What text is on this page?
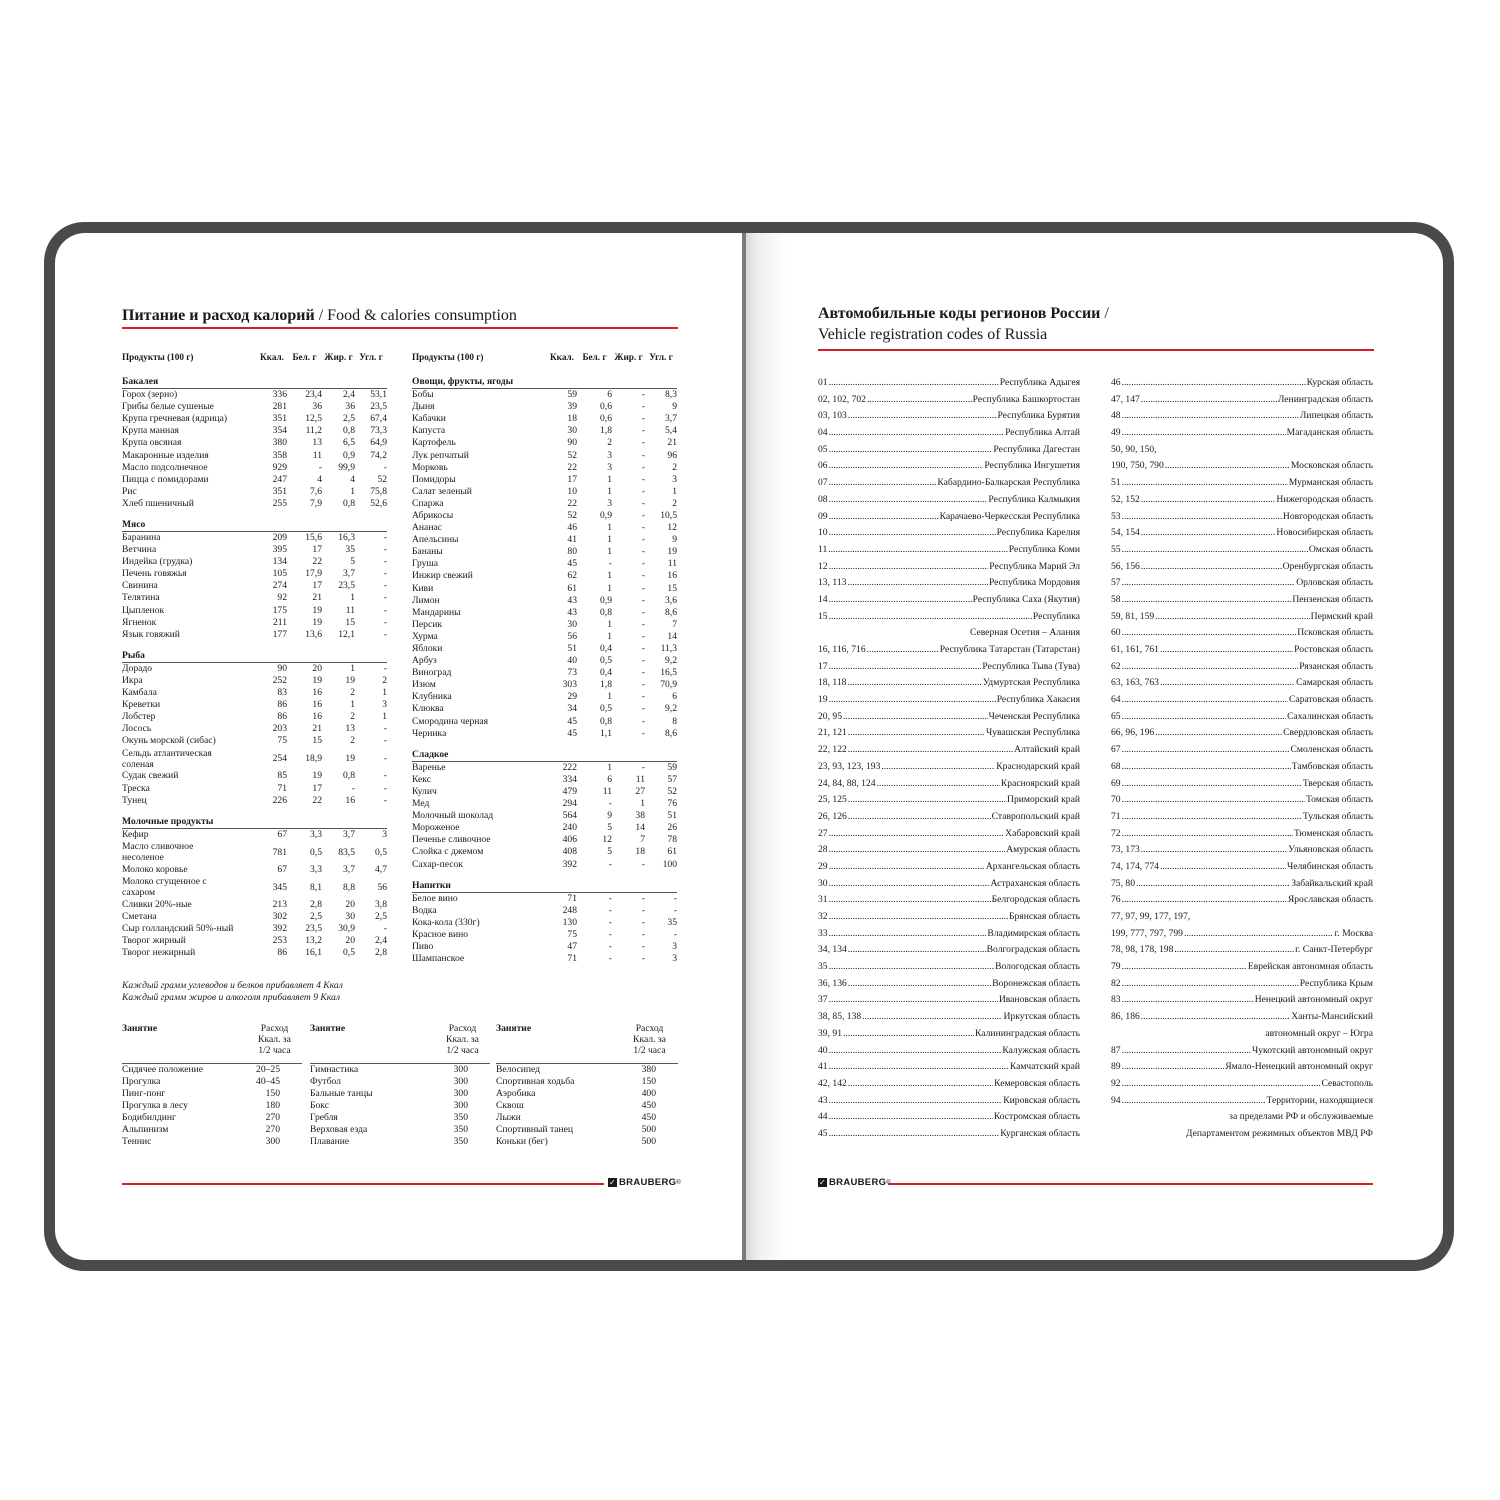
Питание и расход калорий / Food & calories consumption
Продукты (100 г)	Ккал.	Бел. г	Жир. г	Угл. г

Бакалея				

Горох (зерно)	336	23,4	2,4	53,1
Грибы белые сушеные	281	36	36	23,5
Крупа гречневая (ядрица)	351	12,5	2,5	67,4
Крупа манная	354	11,2	0,8	73,3
Крупа овсяная	380	13	6,5	64,9
Макаронные изделия	358	11	0,9	74,2
Масло подсолнечное	929	-	99,9	-
Пицца с помидорами	247	4	4	52
Рис	351	7,6	1	75,8
Хлеб пшеничный	255	7,9	0,8	52,6

Мясо				

Баранина	209	15,6	16,3	-
Ветчина	395	17	35	-
Индейка (грудка)	134	22	5	-
Печень говяжья	105	17,9	3,7	-
Свинина	274	17	23,5	-
Телятина	92	21	1	-
Цыпленок	175	19	11	-
Ягненок	211	19	15	-
Язык говяжий	177	13,6	12,1	-

Рыба				

Дорадо	90	20	1	-
Икра	252	19	19	2
Камбала	83	16	2	1
Креветки	86	16	1	3
Лобстер	86	16	2	1
Лосось	203	21	13	-
Окунь морской (сибас)	75	15	2	-
Сельдь атлантическая
соленая	254	18,9	19	-
Судак свежий	85	19	0,8	-
Треска	71	17	-	-
Тунец	226	22	16	-

Молочные продукты				

Кефир	67	3,3	3,7	3
Масло сливочное
несоленое	781	0,5	83,5	0,5
Молоко коровье	67	3,3	3,7	4,7
Молоко сгущенное с
сахаром	345	8,1	8,8	56
Сливки 20%-ные	213	2,8	20	3,8
Сметана	302	2,5	30	2,5
Сыр голландский 50%-ный	392	23,5	30,9	-
Творог жирный	253	13,2	20	2,4
Творог нежирный	86	16,1	0,5	2,8
Продукты (100 г)	Ккал.	Бел. г	Жир. г	Угл. г

Овощи, фрукты, ягоды				

Бобы	59	6	-	8,3
Дыня	39	0,6	-	9
Кабачки	18	0,6	-	3,7
Капуста	30	1,8	-	5,4
Картофель	90	2	-	21
Лук репчатый	52	3	-	96
Морковь	22	3	-	2
Помидоры	17	1	-	3
Салат зеленый	10	1	-	1
Спаржа	22	3	-	2
Абрикосы	52	0,9	-	10,5
Ананас	46	1	-	12
Апельсины	41	1	-	9
Бананы	80	1	-	19
Груша	45	-	-	11
Инжир свежий	62	1	-	16
Киви	61	1	-	15
Лимон	43	0,9	-	3,6
Мандарины	43	0,8	-	8,6
Персик	30	1	-	7
Хурма	56	1	-	14
Яблоки	51	0,4	-	11,3
Арбуз	40	0,5	-	9,2
Виноград	73	0,4	-	16,5
Изюм	303	1,8	-	70,9
Клубника	29	1	-	6
Клюква	34	0,5	-	9,2
Смородина черная	45	0,8	-	8
Черника	45	1,1	-	8,6

Сладкое				

Варенье	222	1	-	59
Кекс	334	6	11	57
Кулич	479	11	27	52
Мед	294	-	1	76
Молочный шоколад	564	9	38	51
Мороженое	240	5	14	26
Печенье сливочное	406	12	7	78
Слойка с джемом	408	5	18	61
Сахар-песок	392	-	-	100

Напитки				

Белое вино	71	-	-	-
Водка	248	-	-	-
Кока-кола (330г)	130	-	-	35
Красное вино	75	-	-	-
Пиво	47	-	-	3
Шампанское	71	-	-	3
Каждый грамм углеводов и белков прибавляет 4 Ккал
Каждый грамм жиров и алкоголя прибавляет 9 Ккал
Занятие	Расход
Ккал. за
1/2 часа

Сидячее положение	20–25
Прогулка	40–45
Пинг-понг	150
Прогулка в лесу	180
Бодибилдинг	270
Альпинизм	270
Теннис	300
Занятие	Расход
Ккал. за
1/2 часа

Гимнастика	300
Футбол	300
Бальные танцы	300
Бокс	300
Гребля	350
Верховая езда	350
Плавание	350
Занятие	Расход
Ккал. за
1/2 часа

Велосипед	380
Спортивная ходьба	150
Аэробика	400
Сквош	450
Лыжи	450
Спортивный танец	500
Коньки (бег)	500
✓ BRAUBERG ®
Автомобильные коды регионов России /
Vehicle registration codes of Russia
01 .....	Республика Адыгея
02, 102, 702 .....	Республика Башкортостан
03, 103 .....	Республика Бурятия
04 .....	Республика Алтай
05 .....	Республика Дагестан
06 .....	Республика Ингушетия
07 .....	Кабардино-Балкарская Республика
08 .....	Республика Калмыкия
09 .....	Карачаево-Черкесская Республика
10 .....	Республика Карелия
11 .....	Республика Коми
12 .....	Республика Марий Эл
13, 113 .....	Республика Мордовия
14 .....	Республика Саха (Якутия)
15 .....	Республика
Северная Осетия – Алания
16, 116, 716 .....	Республика Татарстан (Татарстан)
17 .....	Республика Тыва (Тува)
18, 118 .....	Удмуртская Республика
19 .....	Республика Хакасия
20, 95 .....	Чеченская Республика
21, 121 .....	Чувашская Республика
22, 122 .....	Алтайский край
23, 93, 123, 193 .....	Краснодарский край
24, 84, 88, 124 .....	Красноярский край
25, 125 .....	Приморский край
26, 126 .....	Ставропольский край
27 .....	Хабаровский край
28 .....	Амурская область
29 .....	Архангельская область
30 .....	Астраханская область
31 .....	Белгородская область
32 .....	Брянская область
33 .....	Владимирская область
34, 134 .....	Волгоградская область
35 .....	Вологодская область
36, 136 .....	Воронежская область
37 .....	Ивановская область
38, 85, 138 .....	Иркутская область
39, 91 .....	Калининградская область
40 .....	Калужская область
41 .....	Камчатский край
42, 142 .....	Кемеровская область
43 .....	Кировская область
44 .....	Костромская область
45 .....	Курганская область
46 .....	Курская область
47, 147 .....	Ленинградская область
48 .....	Липецкая область
49 .....	Магаданская область
50, 90, 150,
190, 750, 790 .....	Московская область
51 .....	Мурманская область
52, 152 .....	Нижегородская область
53 .....	Новгородская область
54, 154 .....	Новосибирская область
55 .....	Омская область
56, 156 .....	Оренбургская область
57 .....	Орловская область
58 .....	Пензенская область
59, 81, 159 .....	Пермский край
60 .....	Псковская область
61, 161, 761 .....	Ростовская область
62 .....	Рязанская область
63, 163, 763 .....	Самарская область
64 .....	Саратовская область
65 .....	Сахалинская область
66, 96, 196 .....	Свердловская область
67 .....	Смоленская область
68 .....	Тамбовская область
69 .....	Тверская область
70 .....	Томская область
71 .....	Тульская область
72 .....	Тюменская область
73, 173 .....	Ульяновская область
74, 174, 774 .....	Челябинская область
75, 80 .....	Забайкальский край
76 .....	Ярославская область
77, 97, 99, 177, 197,
199, 777, 797, 799 .....	г. Москва
78, 98, 178, 198 .....	г. Санкт-Петербург
79 .....	Еврейская автономная область
82 .....	Республика Крым
83 .....	Ненецкий автономный округ
86, 186 .....	Ханты-Мансийский
автономный округ – Югра
87 .....	Чукотский автономный округ
89 .....	Ямало-Ненецкий автономный округ
92 .....	Севастополь
94 .....	Территории, находящиеся
за пределами РФ и обслуживаемые
Департаментом режимных объектов МВД РФ
✓ BRAUBERG
